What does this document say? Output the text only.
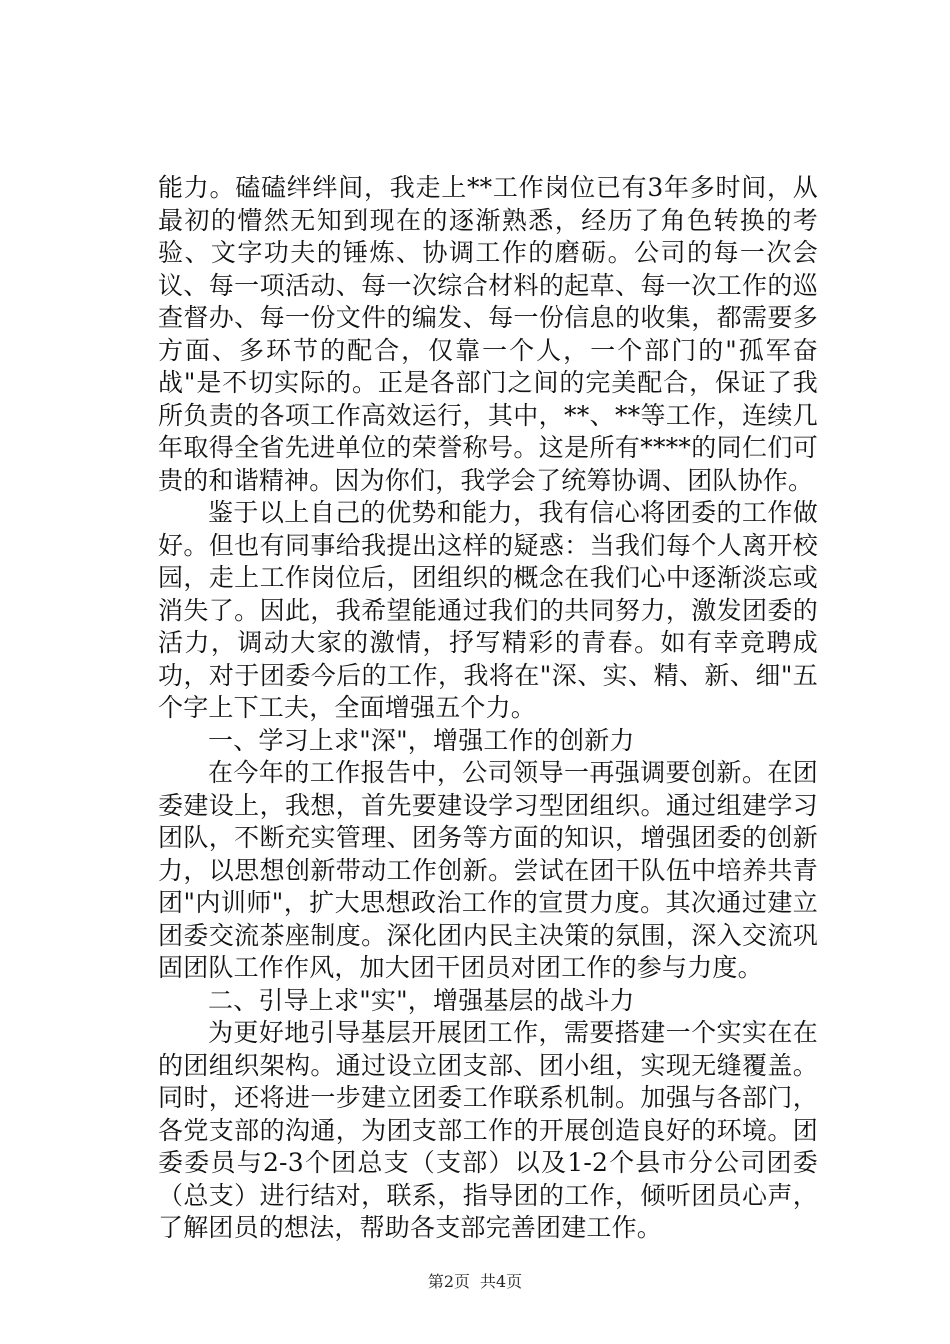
能力。磕磕绊绊间，我走上**工作岗位已有3年多时间，从最初的懵然无知到现在的逐渐熟悉，经历了角色转换的考验、文字功夫的锤炼、协调工作的磨砺。公司的每一次会议、每一项活动、每一次综合材料的起草、每一次工作的巡查督办、每一份文件的编发、每一份信息的收集，都需要多方面、多环节的配合，仅靠一个人，一个部门的"孤军奋战"是不切实际的。正是各部门之间的完美配合，保证了我所负责的各项工作高效运行，其中，**、**等工作，连续几年取得全省先进单位的荣誉称号。这是所有****的同仁们可贵的和谐精神。因为你们，我学会了统筹协调、团队协作。

鉴于以上自己的优势和能力，我有信心将团委的工作做好。但也有同事给我提出这样的疑惑：当我们每个人离开校园，走上工作岗位后，团组织的概念在我们心中逐渐淡忘或消失了。因此，我希望能通过我们的共同努力，激发团委的活力，调动大家的激情，抒写精彩的青春。如有幸竞聘成功，对于团委今后的工作，我将在"深、实、精、新、细"五个字上下工夫，全面增强五个力。

一、学习上求"深"，增强工作的创新力

在今年的工作报告中，公司领导一再强调要创新。在团委建设上，我想，首先要建设学习型团组织。通过组建学习团队，不断充实管理、团务等方面的知识，增强团委的创新力，以思想创新带动工作创新。尝试在团干队伍中培养共青团"内训师"，扩大思想政治工作的宣贯力度。其次通过建立团委交流茶座制度。深化团内民主决策的氛围，深入交流巩固团队工作作风，加大团干团员对团工作的参与力度。

二、引导上求"实"，增强基层的战斗力

为更好地引导基层开展团工作，需要搭建一个实实在在的团组织架构。通过设立团支部、团小组，实现无缝覆盖。同时，还将进一步建立团委工作联系机制。加强与各部门，各党支部的沟通，为团支部工作的开展创造良好的环境。团委委员与2-3个团总支（支部）以及1-2个县市分公司团委（总支）进行结对，联系，指导团的工作，倾听团员心声，了解团员的想法，帮助各支部完善团建工作。

第2页 共4页
